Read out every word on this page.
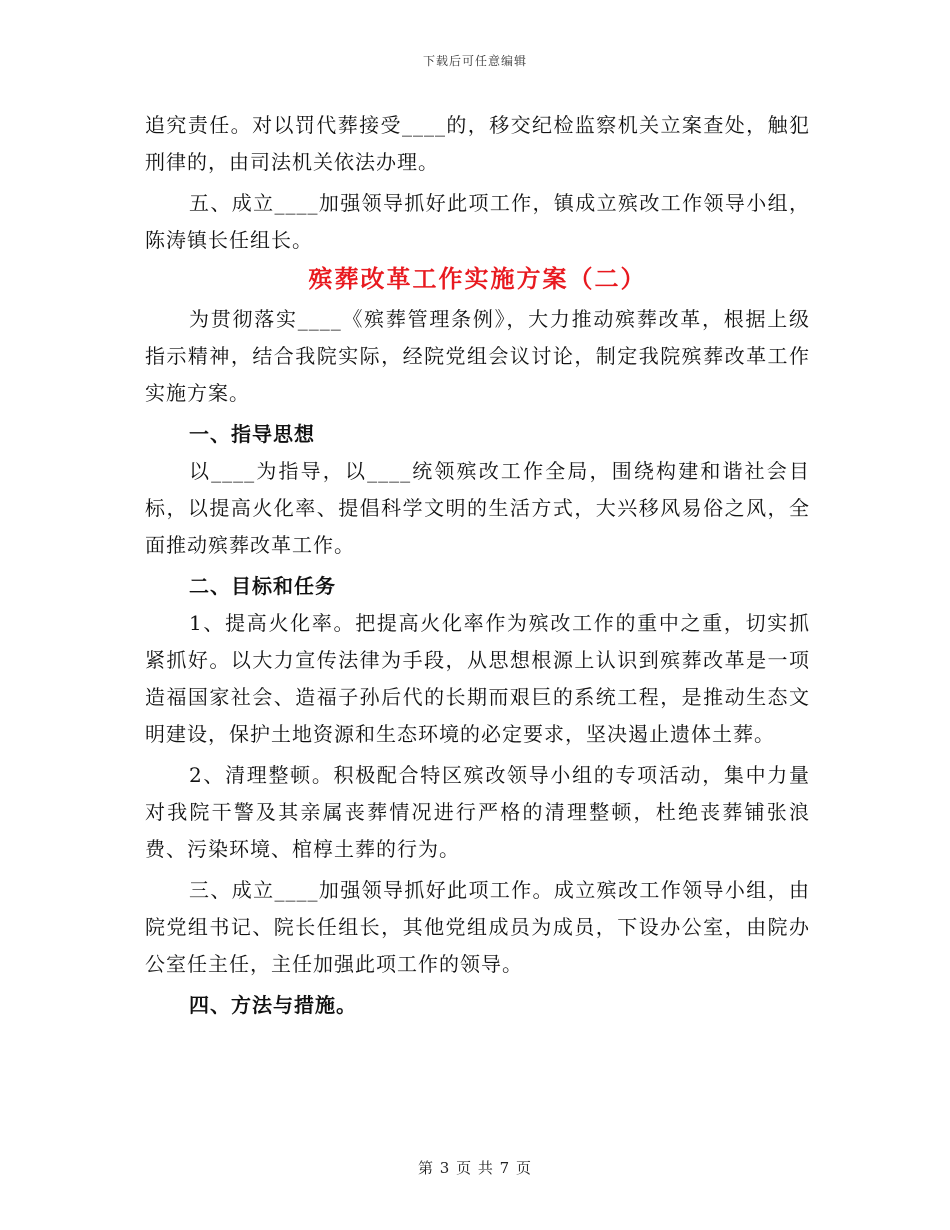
下载后可任意编辑

追究责任。对以罚代葬接受____的，移交纪检监察机关立案查处，触犯刑律的，由司法机关依法办理。

五、成立____加强领导抓好此项工作，镇成立殡改工作领导小组，陈涛镇长任组长。

殡葬改革工作实施方案（二）

为贯彻落实____《殡葬管理条例》，大力推动殡葬改革，根据上级指示精神，结合我院实际，经院党组会议讨论，制定我院殡葬改革工作实施方案。

一、指导思想

以____为指导，以____统领殡改工作全局，围绕构建和谐社会目标，以提高火化率、提倡科学文明的生活方式，大兴移风易俗之风，全面推动殡葬改革工作。

二、目标和任务

1、提高火化率。把提高火化率作为殡改工作的重中之重，切实抓紧抓好。以大力宣传法律为手段，从思想根源上认识到殡葬改革是一项造福国家社会、造福子孙后代的长期而艰巨的系统工程，是推动生态文明建设，保护土地资源和生态环境的必定要求，坚决遏止遗体土葬。

2、清理整顿。积极配合特区殡改领导小组的专项活动，集中力量对我院干警及其亲属丧葬情况进行严格的清理整顿，杜绝丧葬铺张浪费、污染环境、棺椁土葬的行为。

三、成立____加强领导抓好此项工作。成立殡改工作领导小组，由院党组书记、院长任组长，其他党组成员为成员，下设办公室，由院办公室任主任，主任加强此项工作的领导。

四、方法与措施。

第 3 页 共 7 页
